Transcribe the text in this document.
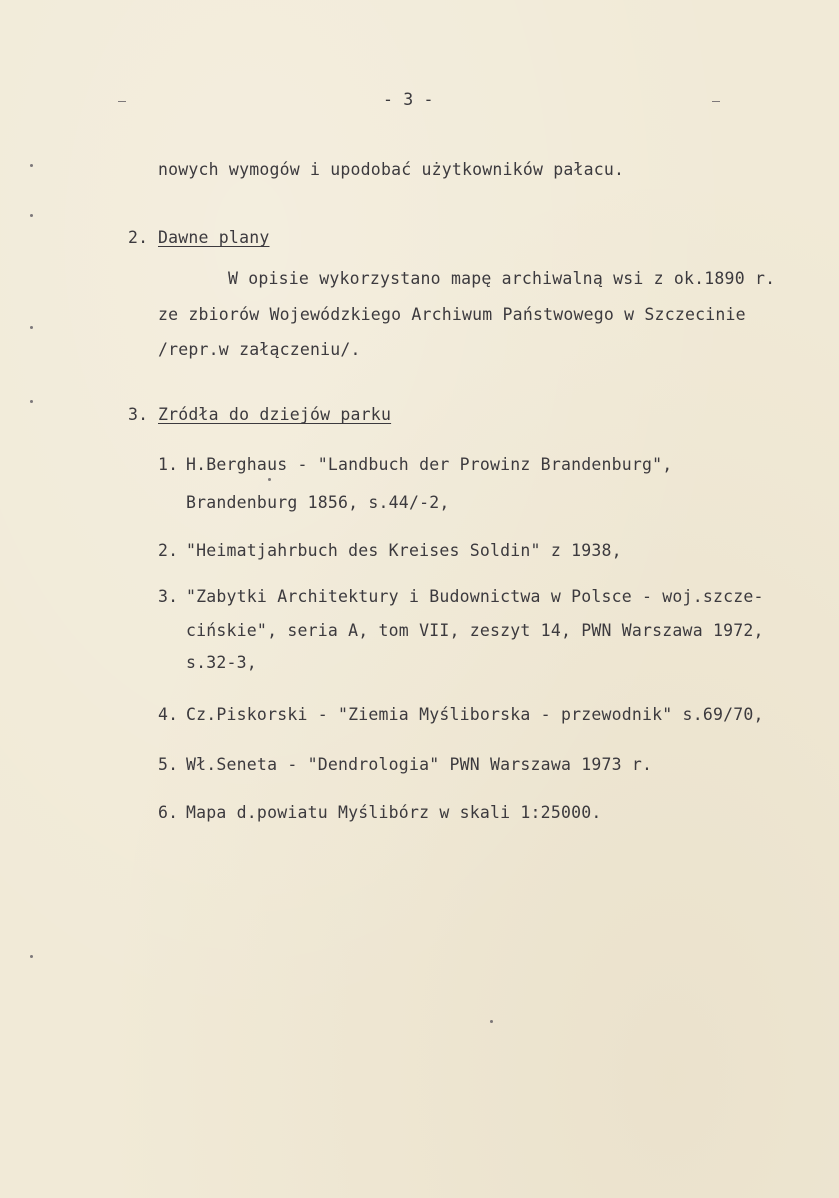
- 3 -
nowych wymogów i upodobać użytkowników pałacu.
2. Dawne plany
W opisie wykorzystano mapę archiwalną wsi z ok.1890 r.
ze zbiorów Wojewódzkiego Archiwum Państwowego w Szczecinie
/repr.w załączeniu/.
3. Zródła do dziejów parku
1. H.Berghaus - "Landbuch der Prowinz Brandenburg",
Brandenburg 1856, s.44/-2,
2. "Heimatjahrbuch des Kreises Soldin" z 1938,
3. "Zabytki Architektury i Budownictwa w Polsce - woj.szcze-
cińskie", seria A, tom VII, zeszyt 14, PWN Warszawa 1972,
s.32-3,
4. Cz.Piskorski - "Ziemia Myśliborska - przewodnik" s.69/70,
5. Wł.Seneta - "Dendrologia" PWN Warszawa 1973 r.
6. Mapa d.powiatu Myślibórz w skali 1:25000.
